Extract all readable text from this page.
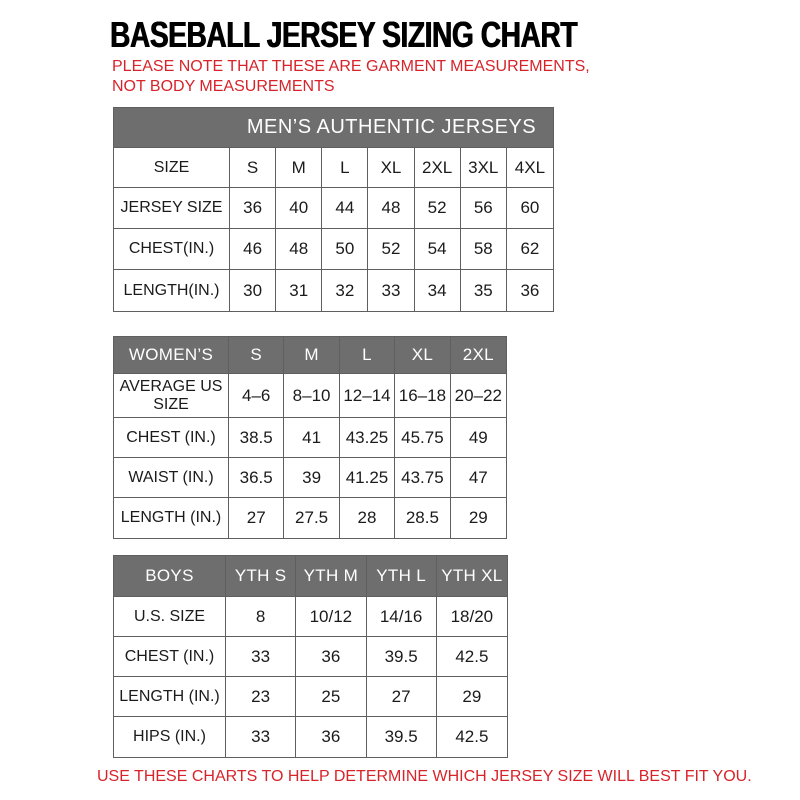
BASEBALL JERSEY SIZING CHART
PLEASE NOTE THAT THESE ARE GARMENT MEASUREMENTS, NOT BODY MEASUREMENTS
MEN’S AUTHENTIC JERSEYS
SIZE	S	M	L	XL	2XL 3XL 4XL
JERSEY SIZE	36	40	44	48	52	56	60
CHEST(IN.)	46	48	50	52	54	58	62
LENGTH(IN.)	30	31	32	33	34	35	36
WOMEN’S	S	M	L	XL	2XL
AVERAGE US SIZE	4–6	8–10 12–14 16–18 20–22
CHEST (IN.)	38.5	41	43.25 45.75	49
WAIST (IN.)	36.5	39	41.25 43.75	47
LENGTH (IN.)	27	27.5	28	28.5	29
BOYS	YTH S	YTH M	YTH L YTH XL
U.S. SIZE	8	10/12	14/16	18/20
CHEST (IN.)	33	36	39.5	42.5
LENGTH (IN.)	23	25	27	29
HIPS (IN.)	33	36	39.5	42.5
USE THESE CHARTS TO HELP DETERMINE WHICH JERSEY SIZE WILL BEST FIT YOU.
